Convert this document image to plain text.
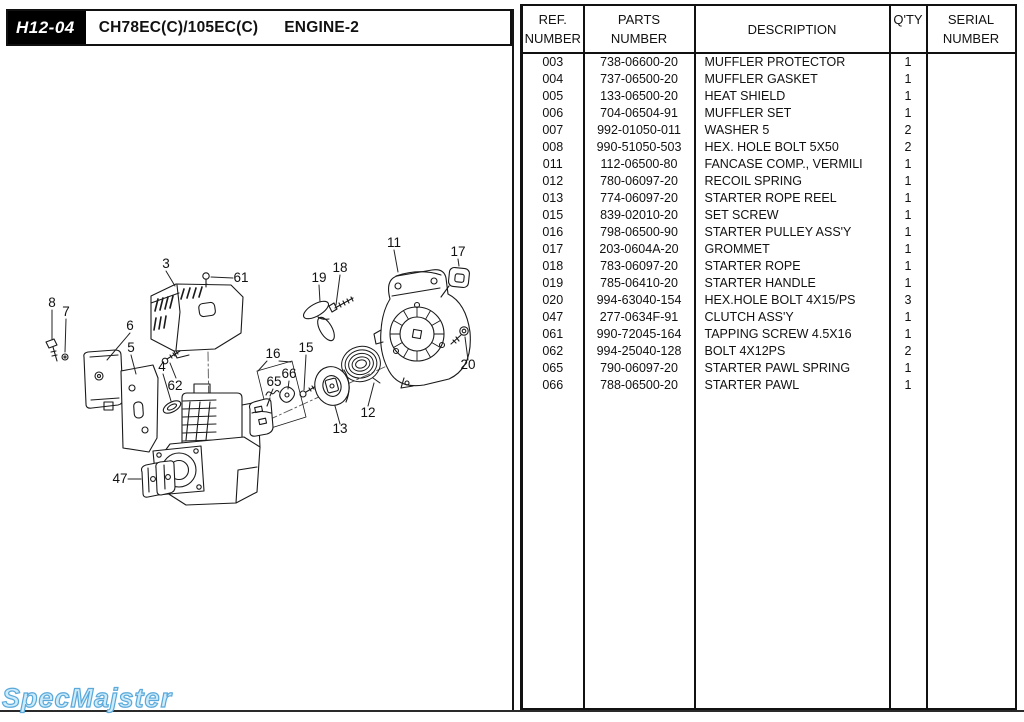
H12-04	CH78EC(C)/105EC(C) ENGINE-2
3
61
8
7
6
5
4
62
47
16
65
66
15
19
18
11
17
12
13
20
REF.
NUMBER

PARTS
NUMBER

DESCRIPTION

Q'TY	SERIAL
NUMBER

003	738-06600-20	MUFFLER PROTECTOR	1	
004	737-06500-20	MUFFLER GASKET	1	
005	133-06500-20	HEAT SHIELD	1	
006	704-06504-91	MUFFLER SET	1	
007	992-01050-011	WASHER 5	2	
008	990-51050-503	HEX. HOLE BOLT 5X50	2	
011	112-06500-80	FANCASE COMP., VERMILI	1	
012	780-06097-20	RECOIL SPRING	1	
013	774-06097-20	STARTER ROPE REEL	1	
015	839-02010-20	SET SCREW	1	
016	798-06500-90	STARTER PULLEY ASS'Y	1	
017	203-0604A-20	GROMMET	1	
018	783-06097-20	STARTER ROPE	1	
019	785-06410-20	STARTER HANDLE	1	
020	994-63040-154	HEX.HOLE BOLT 4X15/PS	3	
047	277-0634F-91	CLUTCH ASS'Y	1	
061	990-72045-164	TAPPING SCREW 4.5X16	1	
062	994-25040-128	BOLT 4X12PS	2	
065	790-06097-20	STARTER PAWL SPRING	1	
066	788-06500-20	STARTER PAWL	1	

SpecMajster
